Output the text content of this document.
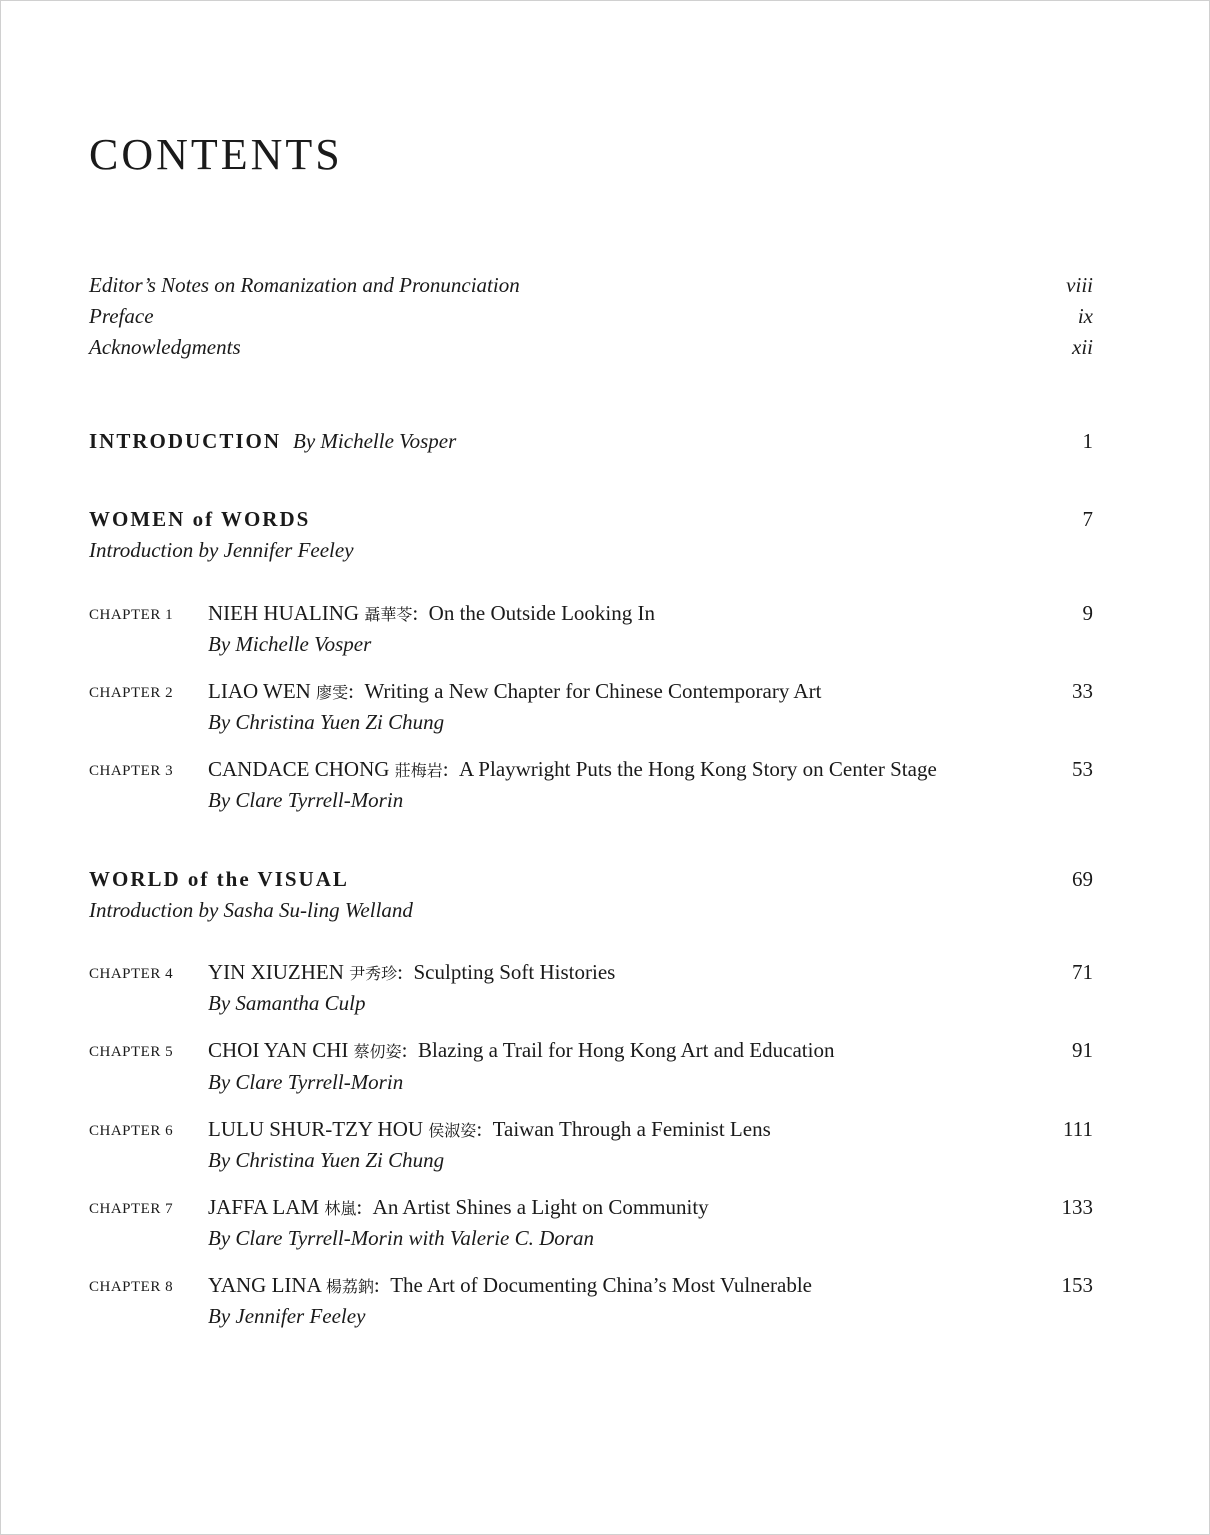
CONTENTS
Editor’s Notes on Romanization and Pronunciation	viii
Preface	ix
Acknowledgments	xii
INTRODUCTION By Michelle Vosper	1
WOMEN of WORDS	7
Introduction by Jennifer Feeley
CHAPTER 1 NIEH HUALING 聶華苓:  On the Outside Looking In	9
By Michelle Vosper
CHAPTER 2 LIAO WEN 廖雯:  Writing a New Chapter for Chinese Contemporary Art	33
By Christina Yuen Zi Chung
CHAPTER 3 CANDACE CHONG 莊梅岩:  A Playwright Puts the Hong Kong Story on Center Stage	53
By Clare Tyrrell-Morin
WORLD of the VISUAL	69
Introduction by Sasha Su-ling Welland
CHAPTER 4 YIN XIUZHEN 尹秀珍:  Sculpting Soft Histories	71
By Samantha Culp
CHAPTER 5 CHOI YAN CHI 蔡仞姿:  Blazing a Trail for Hong Kong Art and Education	91
By Clare Tyrrell-Morin
CHAPTER 6 LULU SHUR-TZY HOU 侯淑姿:  Taiwan Through a Feminist Lens	111
By Christina Yuen Zi Chung
CHAPTER 7 JAFFA LAM 林嵐:  An Artist Shines a Light on Community	133
By Clare Tyrrell-Morin with Valerie C. Doran
CHAPTER 8 YANG LINA 楊荔鈉:  The Art of Documenting China’s Most Vulnerable	153
By Jennifer Feeley
